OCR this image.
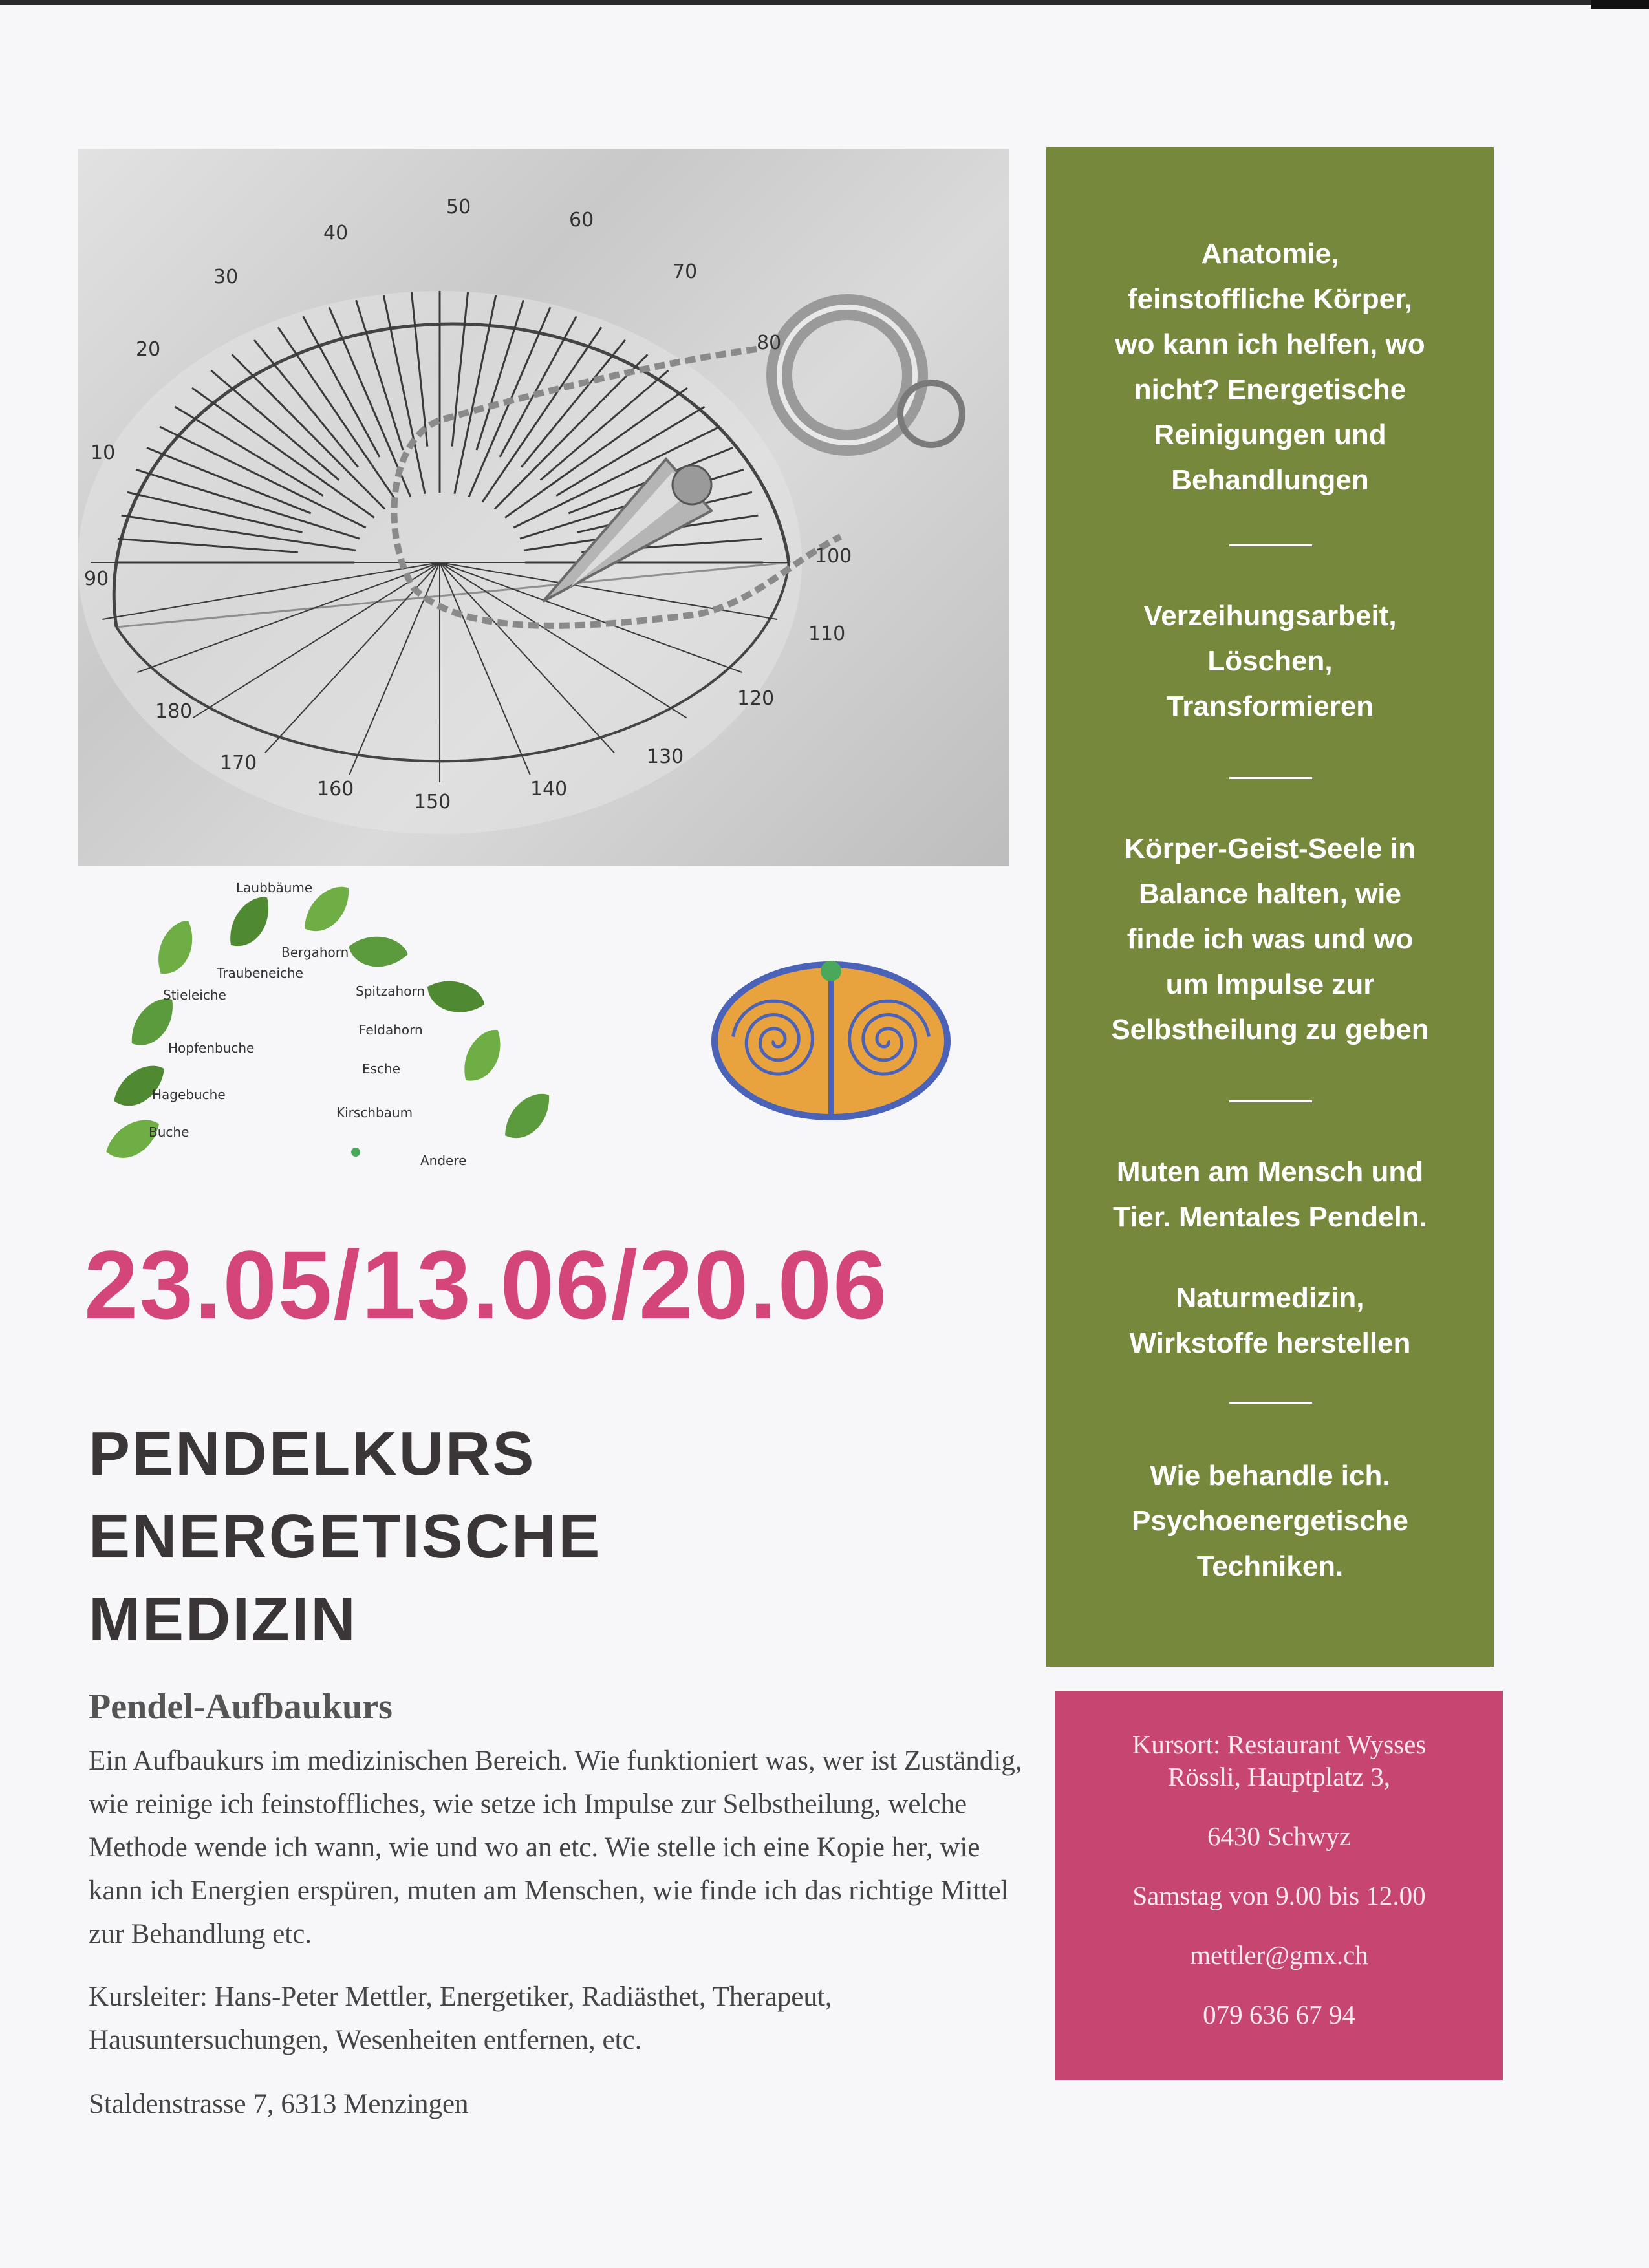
10
20
30
40
50
60
70
80
90
100
110
120
130
140
150
160
170
180
Laubbäume
Bergahorn
Traubeneiche
Spitzahorn
Stieleiche
Feldahorn
Hopfenbuche
Esche
Hagebuche
Kirschbaum
Buche
Andere
23.05/13.06/20.06
PENDELKURS
ENERGETISCHE
MEDIZIN
Pendel-Aufbaukurs
Ein Aufbaukurs im medizinischen Bereich. Wie funktioniert was, wer ist Zuständig, wie reinige ich feinstoffliches, wie setze ich Impulse zur Selbstheilung, welche Methode wende ich wann, wie und wo an etc. Wie stelle ich eine Kopie her, wie kann ich Energien erspüren, muten am Menschen, wie finde ich das richtige Mittel zur Behandlung etc.
Kursleiter: Hans-Peter Mettler, Energetiker, Radiästhet, Therapeut, Hausuntersuchungen, Wesenheiten entfernen, etc.
Staldenstrasse 7, 6313 Menzingen
Anatomie,
feinstoffliche Körper,
wo kann ich helfen, wo
nicht? Energetische
Reinigungen und
Behandlungen
Verzeihungsarbeit,
Löschen,
Transformieren
Körper-Geist-Seele in
Balance halten, wie
finde ich was und wo
um Impulse zur
Selbstheilung zu geben
Muten am Mensch und
Tier. Mentales Pendeln.
Naturmedizin,
Wirkstoffe herstellen
Wie behandle ich.
Psychoenergetische
Techniken.
Kursort: Restaurant Wysses
Rössli, Hauptplatz 3,
6430 Schwyz
Samstag von 9.00 bis 12.00
mettler@gmx.ch
079 636 67 94
